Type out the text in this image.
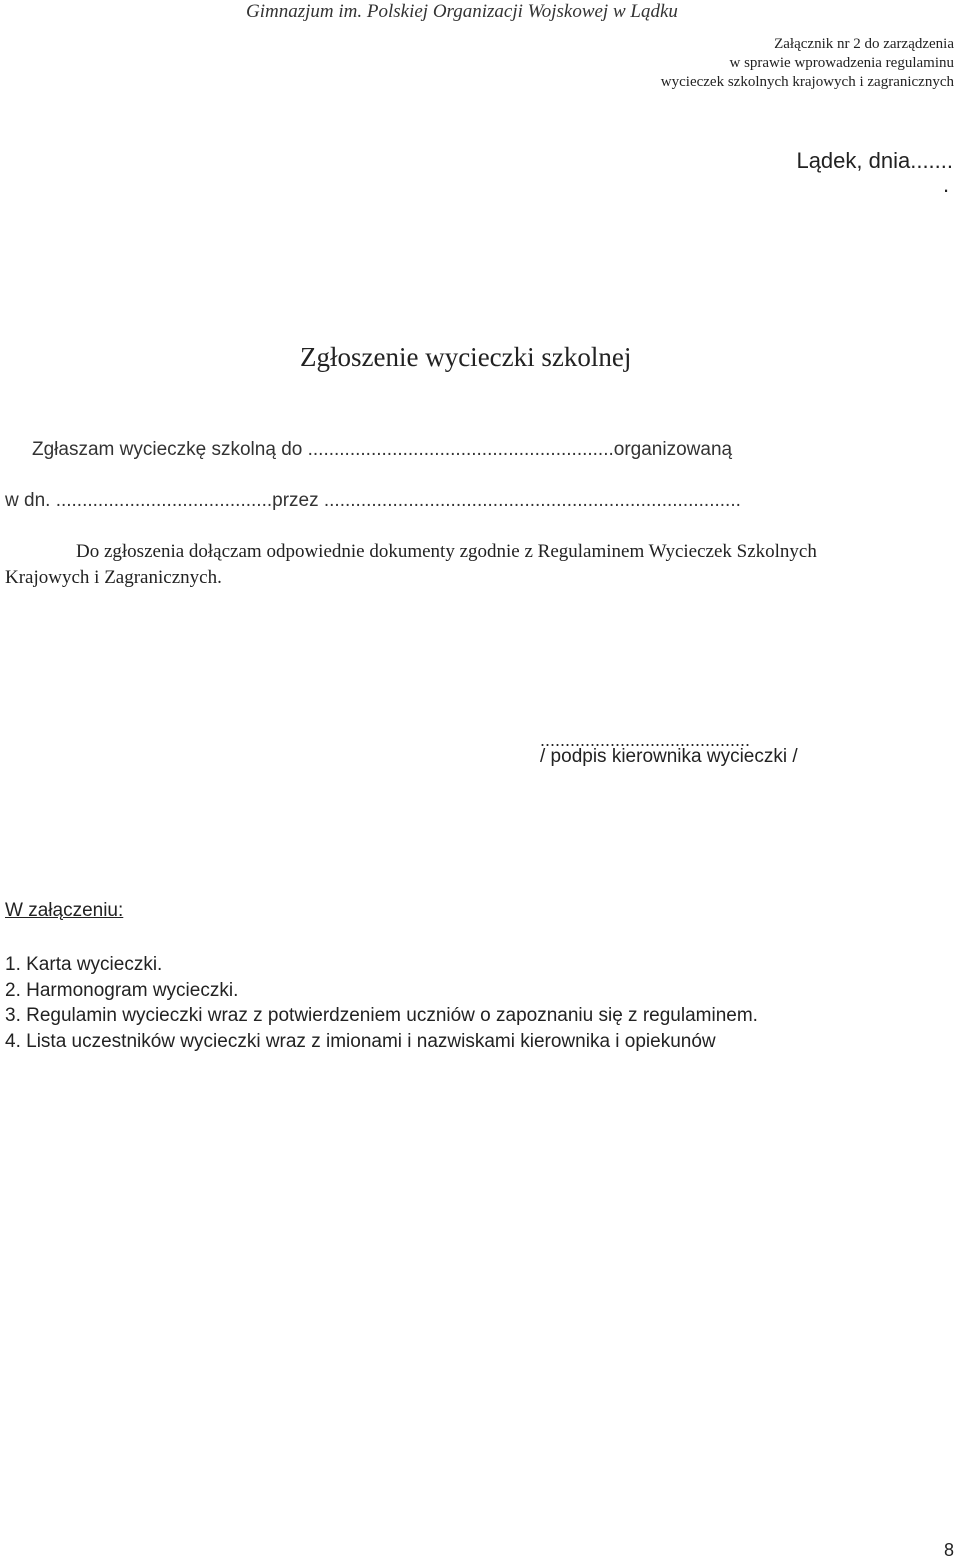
Gimnazjum im. Polskiej Organizacji Wojskowej w Lądku
Załącznik nr 2 do zarządzenia
w sprawie wprowadzenia regulaminu
wycieczek szkolnych krajowych i zagranicznych
Lądek, dnia.......
.
Zgłoszenie wycieczki szkolnej
Zgłaszam wycieczkę szkolną do ..........................................................organizowaną
w dn. .........................................przez ...............................................................................
Do zgłoszenia dołączam odpowiednie dokumenty zgodnie z Regulaminem Wycieczek Szkolnych
Krajowych i Zagranicznych.
..........................................
/ podpis kierownika wycieczki /
W załączeniu:
1. Karta wycieczki.
2. Harmonogram wycieczki.
3. Regulamin wycieczki wraz z potwierdzeniem uczniów o zapoznaniu się z regulaminem.
4. Lista uczestników wycieczki wraz z imionami i nazwiskami kierownika i opiekunów
8
